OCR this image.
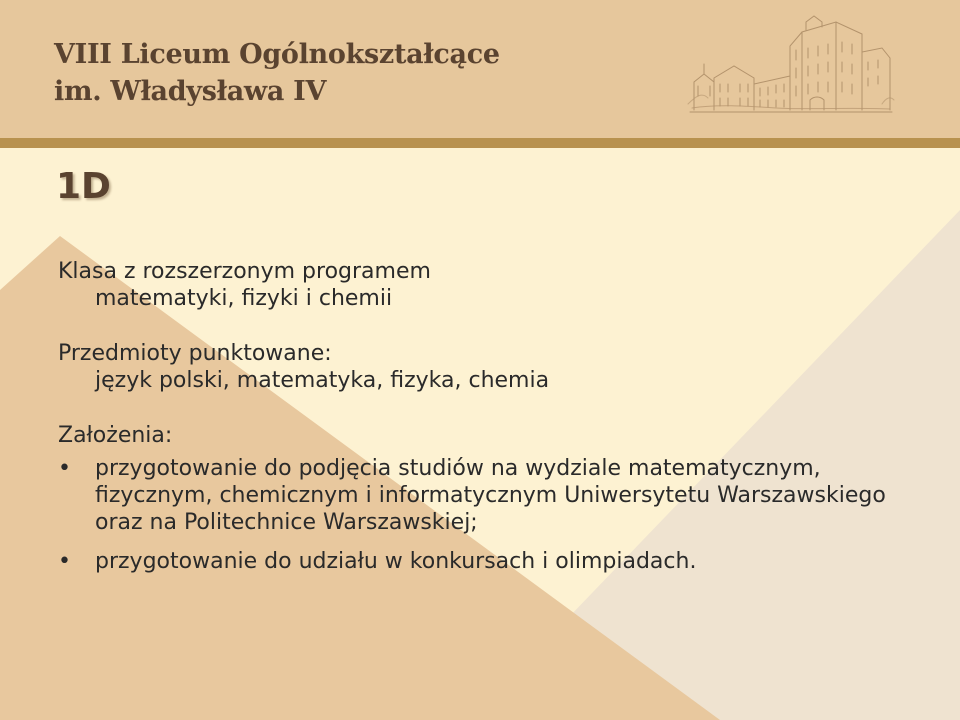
VIII Liceum Ogólnokształcące
im. Władysława IV
1D

Klasa z rozszerzonym programem
matematyki, fizyki i chemii

Przedmioty punktowane:
język polski, matematyka, fizyka, chemia

Założenia:

• przygotowanie do podjęcia studiów na wydziale matematycznym, fizycznym, chemicznym i informatycznym Uniwersytetu Warszawskiego oraz na Politechnice Warszawskiej;
• przygotowanie do udziału w konkursach i olimpiadach.
